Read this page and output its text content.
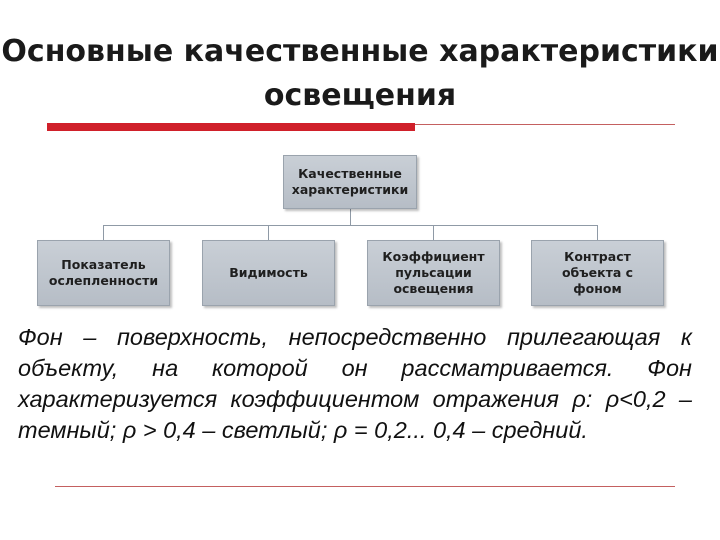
Основные качественные характеристики освещения
Качественные характеристики
Показатель ослепленности
Видимость
Коэффициент пульсации освещения
Контраст объекта с фоном
Фон – поверхность, непосредственно прилегающая к объекту, на которой он рассматривается. Фон характеризуется коэффициентом отражения ρ: ρ<0,2 – темный; ρ > 0,4 – светлый; ρ = 0,2... 0,4 – средний.
